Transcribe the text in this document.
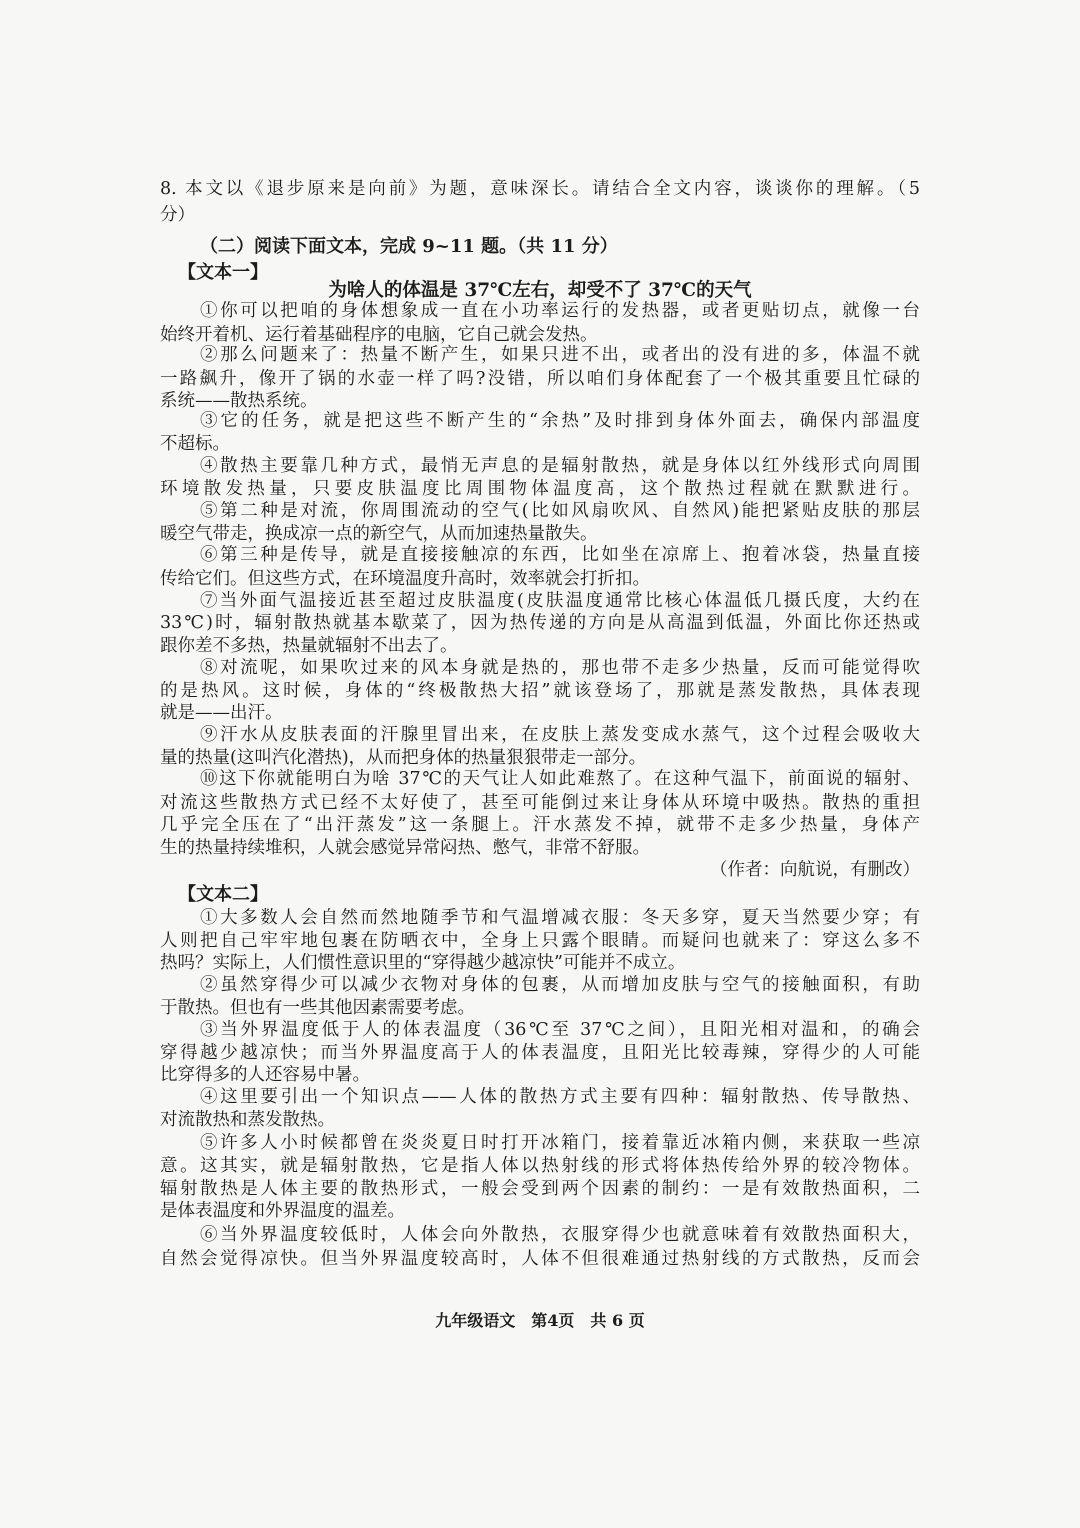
8. 本文以《退步原来是向前》为题，意味深长。请结合全文内容，谈谈你的理解。（5
分）
（二）阅读下面文本，完成 9~11 题。（共 11 分）
【文本一】
为啥人的体温是 37℃左右，却受不了 37℃的天气
①你可以把咱的身体想象成一直在小功率运行的发热器，或者更贴切点，就像一台
始终开着机、运行着基础程序的电脑，它自己就会发热。
②那么问题来了：热量不断产生，如果只进不出，或者出的没有进的多，体温不就
一路飙升，像开了锅的水壶一样了吗?没错，所以咱们身体配套了一个极其重要且忙碌的
系统——散热系统。
③它的任务，就是把这些不断产生的“余热”及时排到身体外面去，确保内部温度
不超标。
④散热主要靠几种方式，最悄无声息的是辐射散热，就是身体以红外线形式向周围
环境散发热量，只要皮肤温度比周围物体温度高，这个散热过程就在默默进行。
⑤第二种是对流，你周围流动的空气(比如风扇吹风、自然风)能把紧贴皮肤的那层
暖空气带走，换成凉一点的新空气，从而加速热量散失。
⑥第三种是传导，就是直接接触凉的东西，比如坐在凉席上、抱着冰袋，热量直接
传给它们。但这些方式，在环境温度升高时，效率就会打折扣。
⑦当外面气温接近甚至超过皮肤温度(皮肤温度通常比核心体温低几摄氏度，大约在
33℃)时，辐射散热就基本歇菜了，因为热传递的方向是从高温到低温，外面比你还热或
跟你差不多热，热量就辐射不出去了。
⑧对流呢，如果吹过来的风本身就是热的，那也带不走多少热量，反而可能觉得吹
的是热风。这时候，身体的“终极散热大招”就该登场了，那就是蒸发散热，具体表现
就是——出汗。
⑨汗水从皮肤表面的汗腺里冒出来，在皮肤上蒸发变成水蒸气，这个过程会吸收大
量的热量(这叫汽化潜热)，从而把身体的热量狠狠带走一部分。
⑩这下你就能明白为啥 37℃的天气让人如此难熬了。在这种气温下，前面说的辐射、
对流这些散热方式已经不太好使了，甚至可能倒过来让身体从环境中吸热。散热的重担
几乎完全压在了“出汗蒸发”这一条腿上。汗水蒸发不掉，就带不走多少热量，身体产
生的热量持续堆积，人就会感觉异常闷热、憋气，非常不舒服。
（作者：向航说，有删改）
【文本二】
①大多数人会自然而然地随季节和气温增减衣服：冬天多穿，夏天当然要少穿；有
人则把自己牢牢地包裹在防晒衣中，全身上只露个眼睛。而疑问也就来了：穿这么多不
热吗？实际上，人们惯性意识里的“穿得越少越凉快”可能并不成立。
②虽然穿得少可以减少衣物对身体的包裹，从而增加皮肤与空气的接触面积，有助
于散热。但也有一些其他因素需要考虑。
③当外界温度低于人的体表温度（36℃至 37℃之间），且阳光相对温和，的确会
穿得越少越凉快；而当外界温度高于人的体表温度，且阳光比较毒辣，穿得少的人可能
比穿得多的人还容易中暑。
④这里要引出一个知识点——人体的散热方式主要有四种：辐射散热、传导散热、
对流散热和蒸发散热。
⑤许多人小时候都曾在炎炎夏日时打开冰箱门，接着靠近冰箱内侧，来获取一些凉
意。这其实，就是辐射散热，它是指人体以热射线的形式将体热传给外界的较冷物体。
辐射散热是人体主要的散热形式，一般会受到两个因素的制约：一是有效散热面积，二
是体表温度和外界温度的温差。
⑥当外界温度较低时，人体会向外散热，衣服穿得少也就意味着有效散热面积大，
自然会觉得凉快。但当外界温度较高时，人体不但很难通过热射线的方式散热，反而会
九年级语文　第4页　共 6 页
